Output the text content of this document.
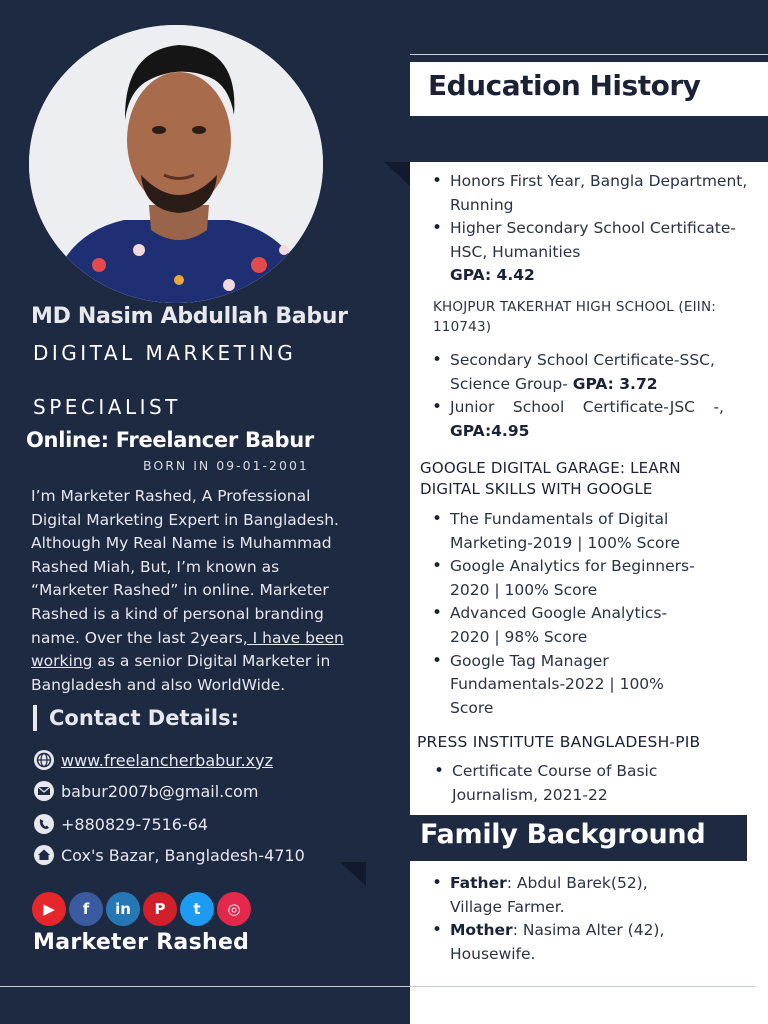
MD Nasim Abdullah Babur
DIGITAL MARKETING
SPECIALIST
Online: Freelancer Babur
BORN IN 09-01-2001
I’m Marketer Rashed, A Professional Digital Marketing Expert in Bangladesh. Although My Real Name is Muhammad Rashed Miah, But, I’m known as “Marketer Rashed” in online. Marketer Rashed is a kind of personal branding name. Over the last 2years, I have been working as a senior Digital Marketer in Bangladesh and also WorldWide.
Contact Details:
www.freelancherbabur.xyz
babur2007b@gmail.com
+880829-7516-64
Cox's Bazar, Bangladesh-4710
▶	f	in	P	t	◎
Marketer Rashed
Education History
• Honors First Year, Bangla Department, Running
• Higher Secondary School Certificate-HSC, Humanities
GPA: 4.42
KHOJPUR TAKERHAT HIGH SCHOOL (EIIN: 110743)
• Secondary School Certificate-SSC, Science Group- GPA: 3.72
• Junior School Certificate-JSC -,
GPA:4.95
GOOGLE DIGITAL GARAGE: LEARN DIGITAL SKILLS WITH GOOGLE
• The Fundamentals of Digital Marketing-2019 | 100% Score
• Google Analytics for Beginners-2020 | 100% Score
• Advanced Google Analytics-2020 | 98% Score
• Google Tag Manager Fundamentals-2022 | 100% Score
PRESS INSTITUTE BANGLADESH-PIB
• Certificate Course of Basic Journalism, 2021-22
Family Background
• Father: Abdul Barek(52), Village Farmer.
• Mother: Nasima Alter (42), Housewife.
